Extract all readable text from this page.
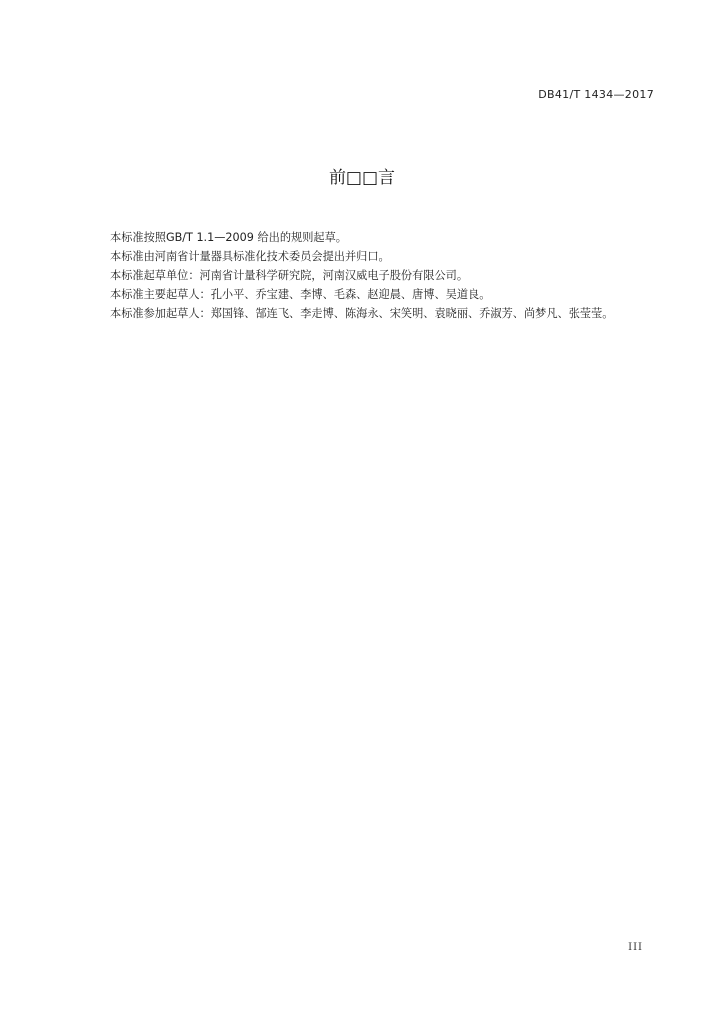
DB41/T 1434—2017
前□□言

本标准按照GB/T 1.1—2009 给出的规则起草。

本标准由河南省计量器具标准化技术委员会提出并归口。

本标准起草单位：河南省计量科学研究院，河南汉威电子股份有限公司。

本标准主要起草人：孔小平、乔宝建、李博、毛森、赵迎晨、唐博、吴道良。

本标准参加起草人：郑国锋、郜连飞、李走博、陈海永、宋笑明、袁晓丽、乔淑芳、尚梦凡、张莹莹。

III
